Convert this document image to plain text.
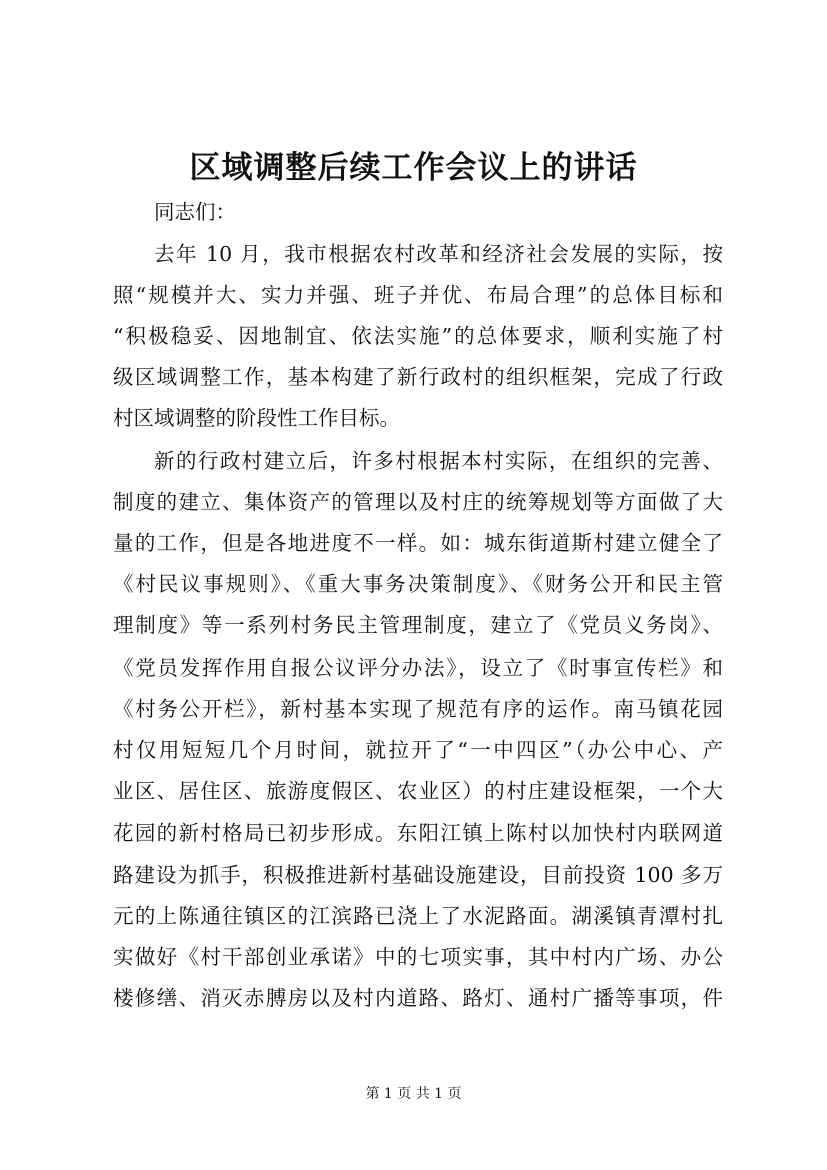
区域调整后续工作会议上的讲话

同志们：

去年 10 月，我市根据农村改革和经济社会发展的实际，按

照“规模并大、实力并强、班子并优、布局合理”的总体目标和

“积极稳妥、因地制宜、依法实施”的总体要求，顺利实施了村

级区域调整工作，基本构建了新行政村的组织框架，完成了行政

村区域调整的阶段性工作目标。

新的行政村建立后，许多村根据本村实际，在组织的完善、

制度的建立、集体资产的管理以及村庄的统筹规划等方面做了大

量的工作，但是各地进度不一样。如：城东街道斯村建立健全了

《村民议事规则》、《重大事务决策制度》、《财务公开和民主管

理制度》等一系列村务民主管理制度，建立了《党员义务岗》、

《党员发挥作用自报公议评分办法》，设立了《时事宣传栏》和

《村务公开栏》，新村基本实现了规范有序的运作。南马镇花园

村仅用短短几个月时间，就拉开了“一中四区”（办公中心、产

业区、居住区、旅游度假区、农业区）的村庄建设框架，一个大

花园的新村格局已初步形成。东阳江镇上陈村以加快村内联网道

路建设为抓手，积极推进新村基础设施建设，目前投资 100 多万

元的上陈通往镇区的江滨路已浇上了水泥路面。湖溪镇青潭村扎

实做好《村干部创业承诺》中的七项实事，其中村内广场、办公

楼修缮、消灭赤膊房以及村内道路、路灯、通村广播等事项，件

第 1 页 共 1 页
